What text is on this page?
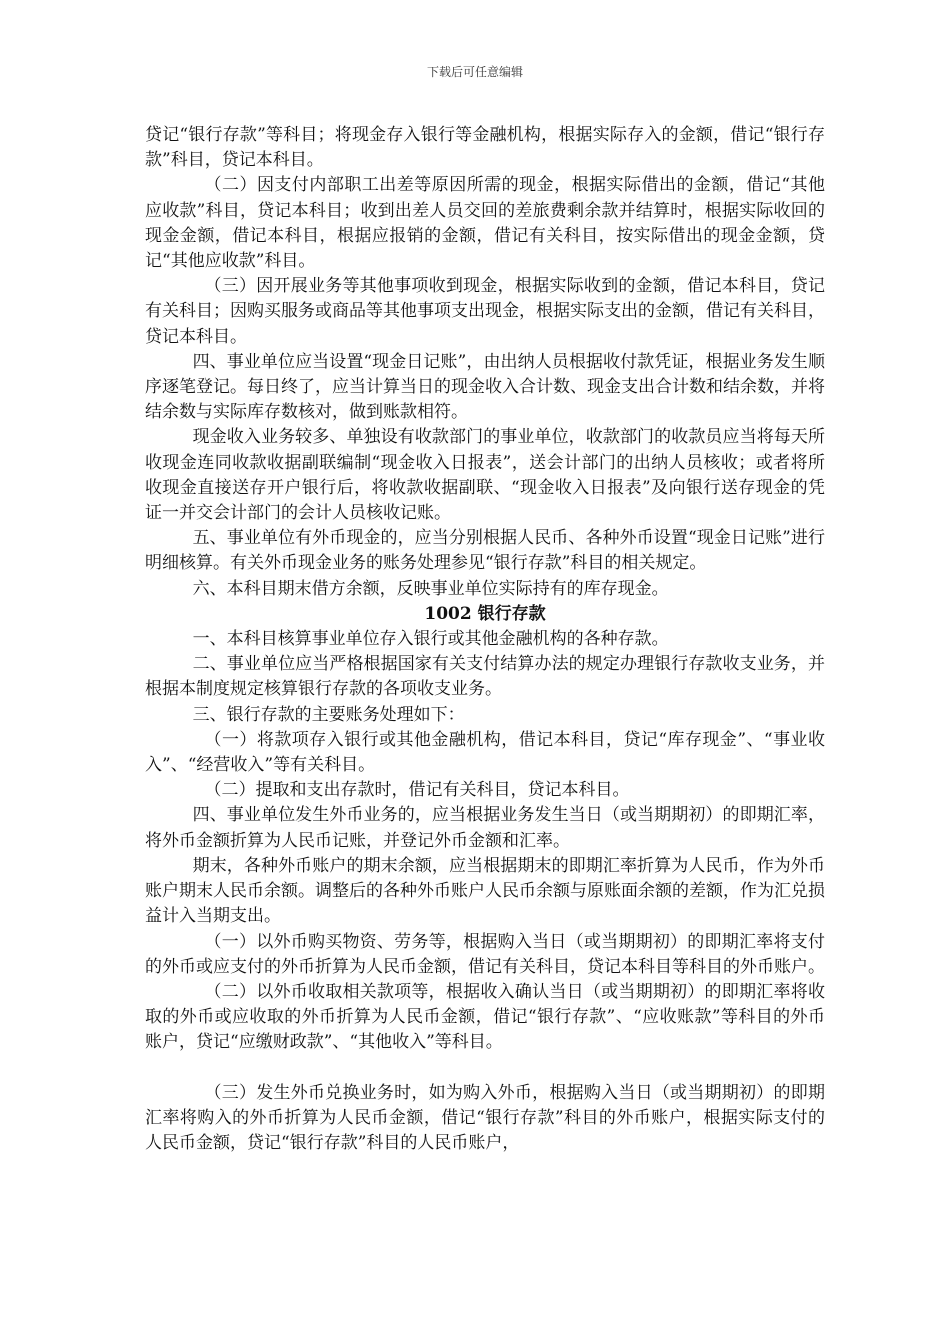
下载后可任意编辑
贷记“银行存款”等科目；将现金存入银行等金融机构，根据实际存入的金额，借记“银行存款”科目，贷记本科目。
（二）因支付内部职工出差等原因所需的现金，根据实际借出的金额，借记“其他应收款”科目，贷记本科目；收到出差人员交回的差旅费剩余款并结算时，根据实际收回的现金金额，借记本科目，根据应报销的金额，借记有关科目，按实际借出的现金金额，贷记“其他应收款”科目。
（三）因开展业务等其他事项收到现金，根据实际收到的金额，借记本科目，贷记有关科目；因购买服务或商品等其他事项支出现金，根据实际支出的金额，借记有关科目，贷记本科目。
四、事业单位应当设置“现金日记账”，由出纳人员根据收付款凭证，根据业务发生顺序逐笔登记。每日终了，应当计算当日的现金收入合计数、现金支出合计数和结余数，并将结余数与实际库存数核对，做到账款相符。
现金收入业务较多、单独设有收款部门的事业单位，收款部门的收款员应当将每天所收现金连同收款收据副联编制“现金收入日报表”，送会计部门的出纳人员核收；或者将所收现金直接送存开户银行后，将收款收据副联、“现金收入日报表”及向银行送存现金的凭证一并交会计部门的会计人员核收记账。
五、事业单位有外币现金的，应当分别根据人民币、各种外币设置“现金日记账”进行明细核算。有关外币现金业务的账务处理参见“银行存款”科目的相关规定。
六、本科目期末借方余额，反映事业单位实际持有的库存现金。
1002 银行存款
一、本科目核算事业单位存入银行或其他金融机构的各种存款。
二、事业单位应当严格根据国家有关支付结算办法的规定办理银行存款收支业务，并根据本制度规定核算银行存款的各项收支业务。
三、银行存款的主要账务处理如下：
（一）将款项存入银行或其他金融机构，借记本科目，贷记“库存现金”、“事业收入”、“经营收入”等有关科目。
（二）提取和支出存款时，借记有关科目，贷记本科目。
四、事业单位发生外币业务的，应当根据业务发生当日（或当期期初）的即期汇率，将外币金额折算为人民币记账，并登记外币金额和汇率。
期末，各种外币账户的期末余额，应当根据期末的即期汇率折算为人民币，作为外币账户期末人民币余额。调整后的各种外币账户人民币余额与原账面余额的差额，作为汇兑损益计入当期支出。
（一）以外币购买物资、劳务等，根据购入当日（或当期期初）的即期汇率将支付的外币或应支付的外币折算为人民币金额，借记有关科目，贷记本科目等科目的外币账户。
（二）以外币收取相关款项等，根据收入确认当日（或当期期初）的即期汇率将收取的外币或应收取的外币折算为人民币金额，借记“银行存款”、“应收账款”等科目的外币账户，贷记“应缴财政款”、“其他收入”等科目。
（三）发生外币兑换业务时，如为购入外币，根据购入当日（或当期期初）的即期汇率将购入的外币折算为人民币金额，借记“银行存款”科目的外币账户，根据实际支付的人民币金额，贷记“银行存款”科目的人民币账户，
